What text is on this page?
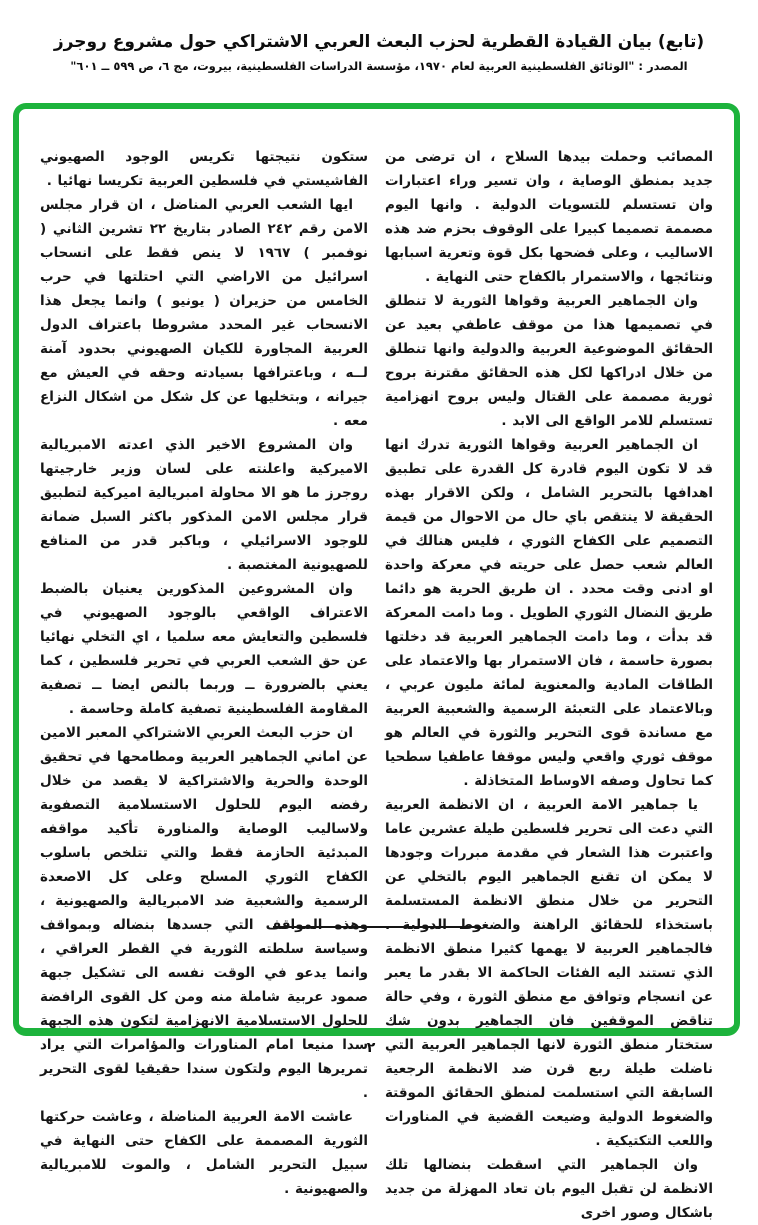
(تابع) بيان القيادة القطرية لحزب البعث العربي الاشتراكي حول مشروع روجرز

المصدر : "الوثائق الفلسطينية العربية لعام ١٩٧٠، مؤسسة الدراسات الفلسطينية، بيروت، مج ٦، ص ٥٩٩ ــ ٦٠١"

المصائب وحملت بيدها السلاح ، ان ترضى من جديد بمنطق الوصاية ، وان تسير وراء اعتبارات وان تستسلم للتسويات الدولية . وانها اليوم مصممة تصميما كبيرا على الوقوف بحزم ضد هذه الاساليب ، وعلى فضحها بكل قوة وتعرية اسبابها ونتائجها ، والاستمرار بالكفاح حتى النهاية .

وان الجماهير العربية وقواها الثورية لا تنطلق في تصميمها هذا من موقف عاطفي بعيد عن الحقائق الموضوعية العربية والدولية وانها تنطلق من خلال ادراكها لكل هذه الحقائق مقترنة بروح ثورية مصممة على القتال وليس بروح انهزامية تستسلم للامر الواقع الى الابد .

ان الجماهير العربية وقواها الثورية تدرك انها قد لا تكون اليوم قادرة كل القدرة على تطبيق اهدافها بالتحرير الشامل ، ولكن الاقرار بهذه الحقيقة لا ينتقص باي حال من الاحوال من قيمة التصميم على الكفاح الثوري ، فليس هنالك في العالم شعب حصل على حريته في معركة واحدة او ادنى وقت محدد . ان طريق الحرية هو دائما طريق النضال الثوري الطويل . وما دامت المعركة قد بدأت ، وما دامت الجماهير العربية قد دخلتها بصورة حاسمة ، فان الاستمرار بها والاعتماد على الطاقات المادية والمعنوية لمائة مليون عربي ، وبالاعتماد على التعبئة الرسمية والشعبية العربية مع مساندة قوى التحرير والثورة في العالم هو موقف ثوري واقعي وليس موقفا عاطفيا سطحيا كما تحاول وصفه الاوساط المتخاذلة .

يا جماهير الامة العربية ، ان الانظمة العربية التي دعت الى تحرير فلسطين طيلة عشرين عاما واعتبرت هذا الشعار في مقدمة مبررات وجودها لا يمكن ان تقنع الجماهير اليوم بالتخلي عن التحرير من خلال منطق الانظمة المستسلمة باستخذاء للحقائق الراهنة والضغوط الدولية . فالجماهير العربية لا يهمها كثيرا منطق الانظمة الذي تستند اليه الفئات الحاكمة الا بقدر ما يعبر عن انسجام وتوافق مع منطق الثورة ، وفي حالة تناقض الموقفين فان الجماهير بدون شك ستختار منطق الثورة لانها الجماهير العربية التي ناضلت طيلة ربع قرن ضد الانظمة الرجعية السابقة التي استسلمت لمنطق الحقائق الموقتة والضغوط الدولية وضيعت القضية في المناورات واللعب التكتيكية .

وان الجماهير التي اسقطت بنضالها تلك الانظمة لن تقبل اليوم بان تعاد المهزلة من جديد باشكال وصور اخرى

ستكون نتيجتها تكريس الوجود الصهيوني الفاشيستي في فلسطين العربية تكريسا نهائيا .

ايها الشعب العربي المناضل ، ان قرار مجلس الامن رقم ٢٤٢ الصادر بتاريخ ٢٢ تشرين الثاني ( نوفمبر ) ١٩٦٧ لا ينص فقط على انسحاب اسرائيل من الاراضي التي احتلتها في حرب الخامس من حزيران ( يونيو ) وانما يجعل هذا الانسحاب غير المحدد مشروطا باعتراف الدول العربية المجاورة للكيان الصهيوني بحدود آمنة لــه ، وباعترافها بسيادته وحقه في العيش مع جيرانه ، وبتخليها عن كل شكل من اشكال النزاع معه .

وان المشروع الاخير الذي اعدته الامبريالية الاميركية واعلنته على لسان وزير خارجيتها روجرز ما هو الا محاولة امبريالية اميركية لتطبيق قرار مجلس الامن المذكور باكثر السبل ضمانة للوجود الاسرائيلي ، وباكبر قدر من المنافع للصهيونية المغتصبة .

وان المشروعين المذكورين يعنيان بالضبط الاعتراف الواقعي بالوجود الصهيوني في فلسطين والتعايش معه سلميا ، اي التخلي نهائيا عن حق الشعب العربي في تحرير فلسطين ، كما يعني بالضرورة ــ وربما بالنص ايضا ــ تصفية المقاومة الفلسطينية تصفية كاملة وحاسمة .

ان حزب البعث العربي الاشتراكي المعبر الامين عن اماني الجماهير العربية ومطامحها في تحقيق الوحدة والحرية والاشتراكية لا يقصد من خلال رفضه اليوم للحلول الاستسلامية التصفوية ولاساليب الوصاية والمناورة تأكيد مواقفه المبدئية الحازمة فقط والتي تتلخص باسلوب الكفاح الثوري المسلح وعلى كل الاصعدة الرسمية والشعبية ضد الامبريالية والصهيونية ، وهذه المواقف التي جسدها بنضاله وبمواقف وسياسة سلطته الثورية في القطر العراقي ، وانما يدعو في الوقت نفسه الى تشكيل جبهة صمود عربية شاملة منه ومن كل القوى الرافضة للحلول الاستسلامية الانهزامية لتكون هذه الجبهة سدا منيعا امام المناورات والمؤامرات التي يراد تمريرها اليوم ولتكون سندا حقيقيا لقوى التحرير .

عاشت الامة العربية المناضلة ، وعاشت حركتها الثورية المصممة على الكفاح حتى النهاية في سبيل التحرير الشامل ، والموت للامبريالية والصهيونية .

٢
